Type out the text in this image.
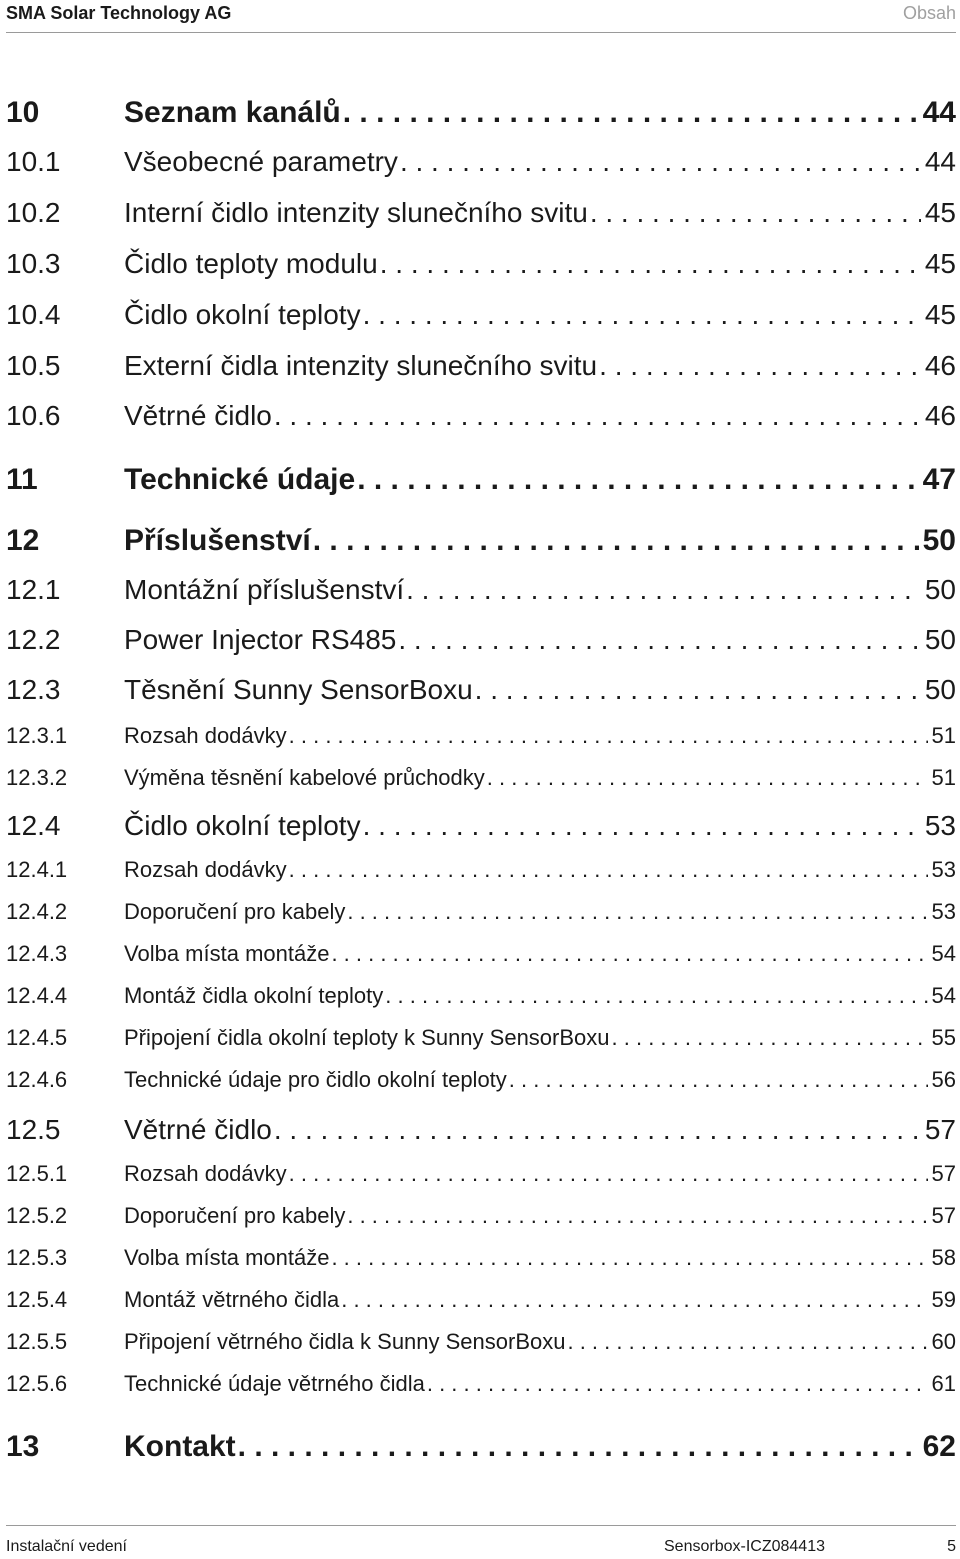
SMA Solar Technology AG	Obsah
10	Seznam kanálů . . .	44
10.1	Všeobecné parametry . . .	44
10.2	Interní čidlo intenzity slunečního svitu . . .	45
10.3	Čidlo teploty modulu . . .	45
10.4	Čidlo okolní teploty . . .	45
10.5	Externí čidla intenzity slunečního svitu . . .	46
10.6	Větrné čidlo . . .	46
11	Technické údaje . . .	47
12	Příslušenství . . .	50
12.1	Montážní příslušenství . . .	50
12.2	Power Injector RS485 . . .	50
12.3	Těsnění Sunny SensorBoxu . . .	50
12.3.1	Rozsah dodávky . . .	51
12.3.2	Výměna těsnění kabelové průchodky . . .	51
12.4	Čidlo okolní teploty . . .	53
12.4.1	Rozsah dodávky . . .	53
12.4.2	Doporučení pro kabely . . .	53
12.4.3	Volba místa montáže . . .	54
12.4.4	Montáž čidla okolní teploty . . .	54
12.4.5	Připojení čidla okolní teploty k Sunny SensorBoxu . . .	55
12.4.6	Technické údaje pro čidlo okolní teploty . . .	56
12.5	Větrné čidlo . . .	57
12.5.1	Rozsah dodávky . . .	57
12.5.2	Doporučení pro kabely . . .	57
12.5.3	Volba místa montáže . . .	58
12.5.4	Montáž větrného čidla . . .	59
12.5.5	Připojení větrného čidla k Sunny SensorBoxu . . .	60
12.5.6	Technické údaje větrného čidla . . .	61
13	Kontakt . . .	62
Instalační vedení	Sensorbox-ICZ084413	5
